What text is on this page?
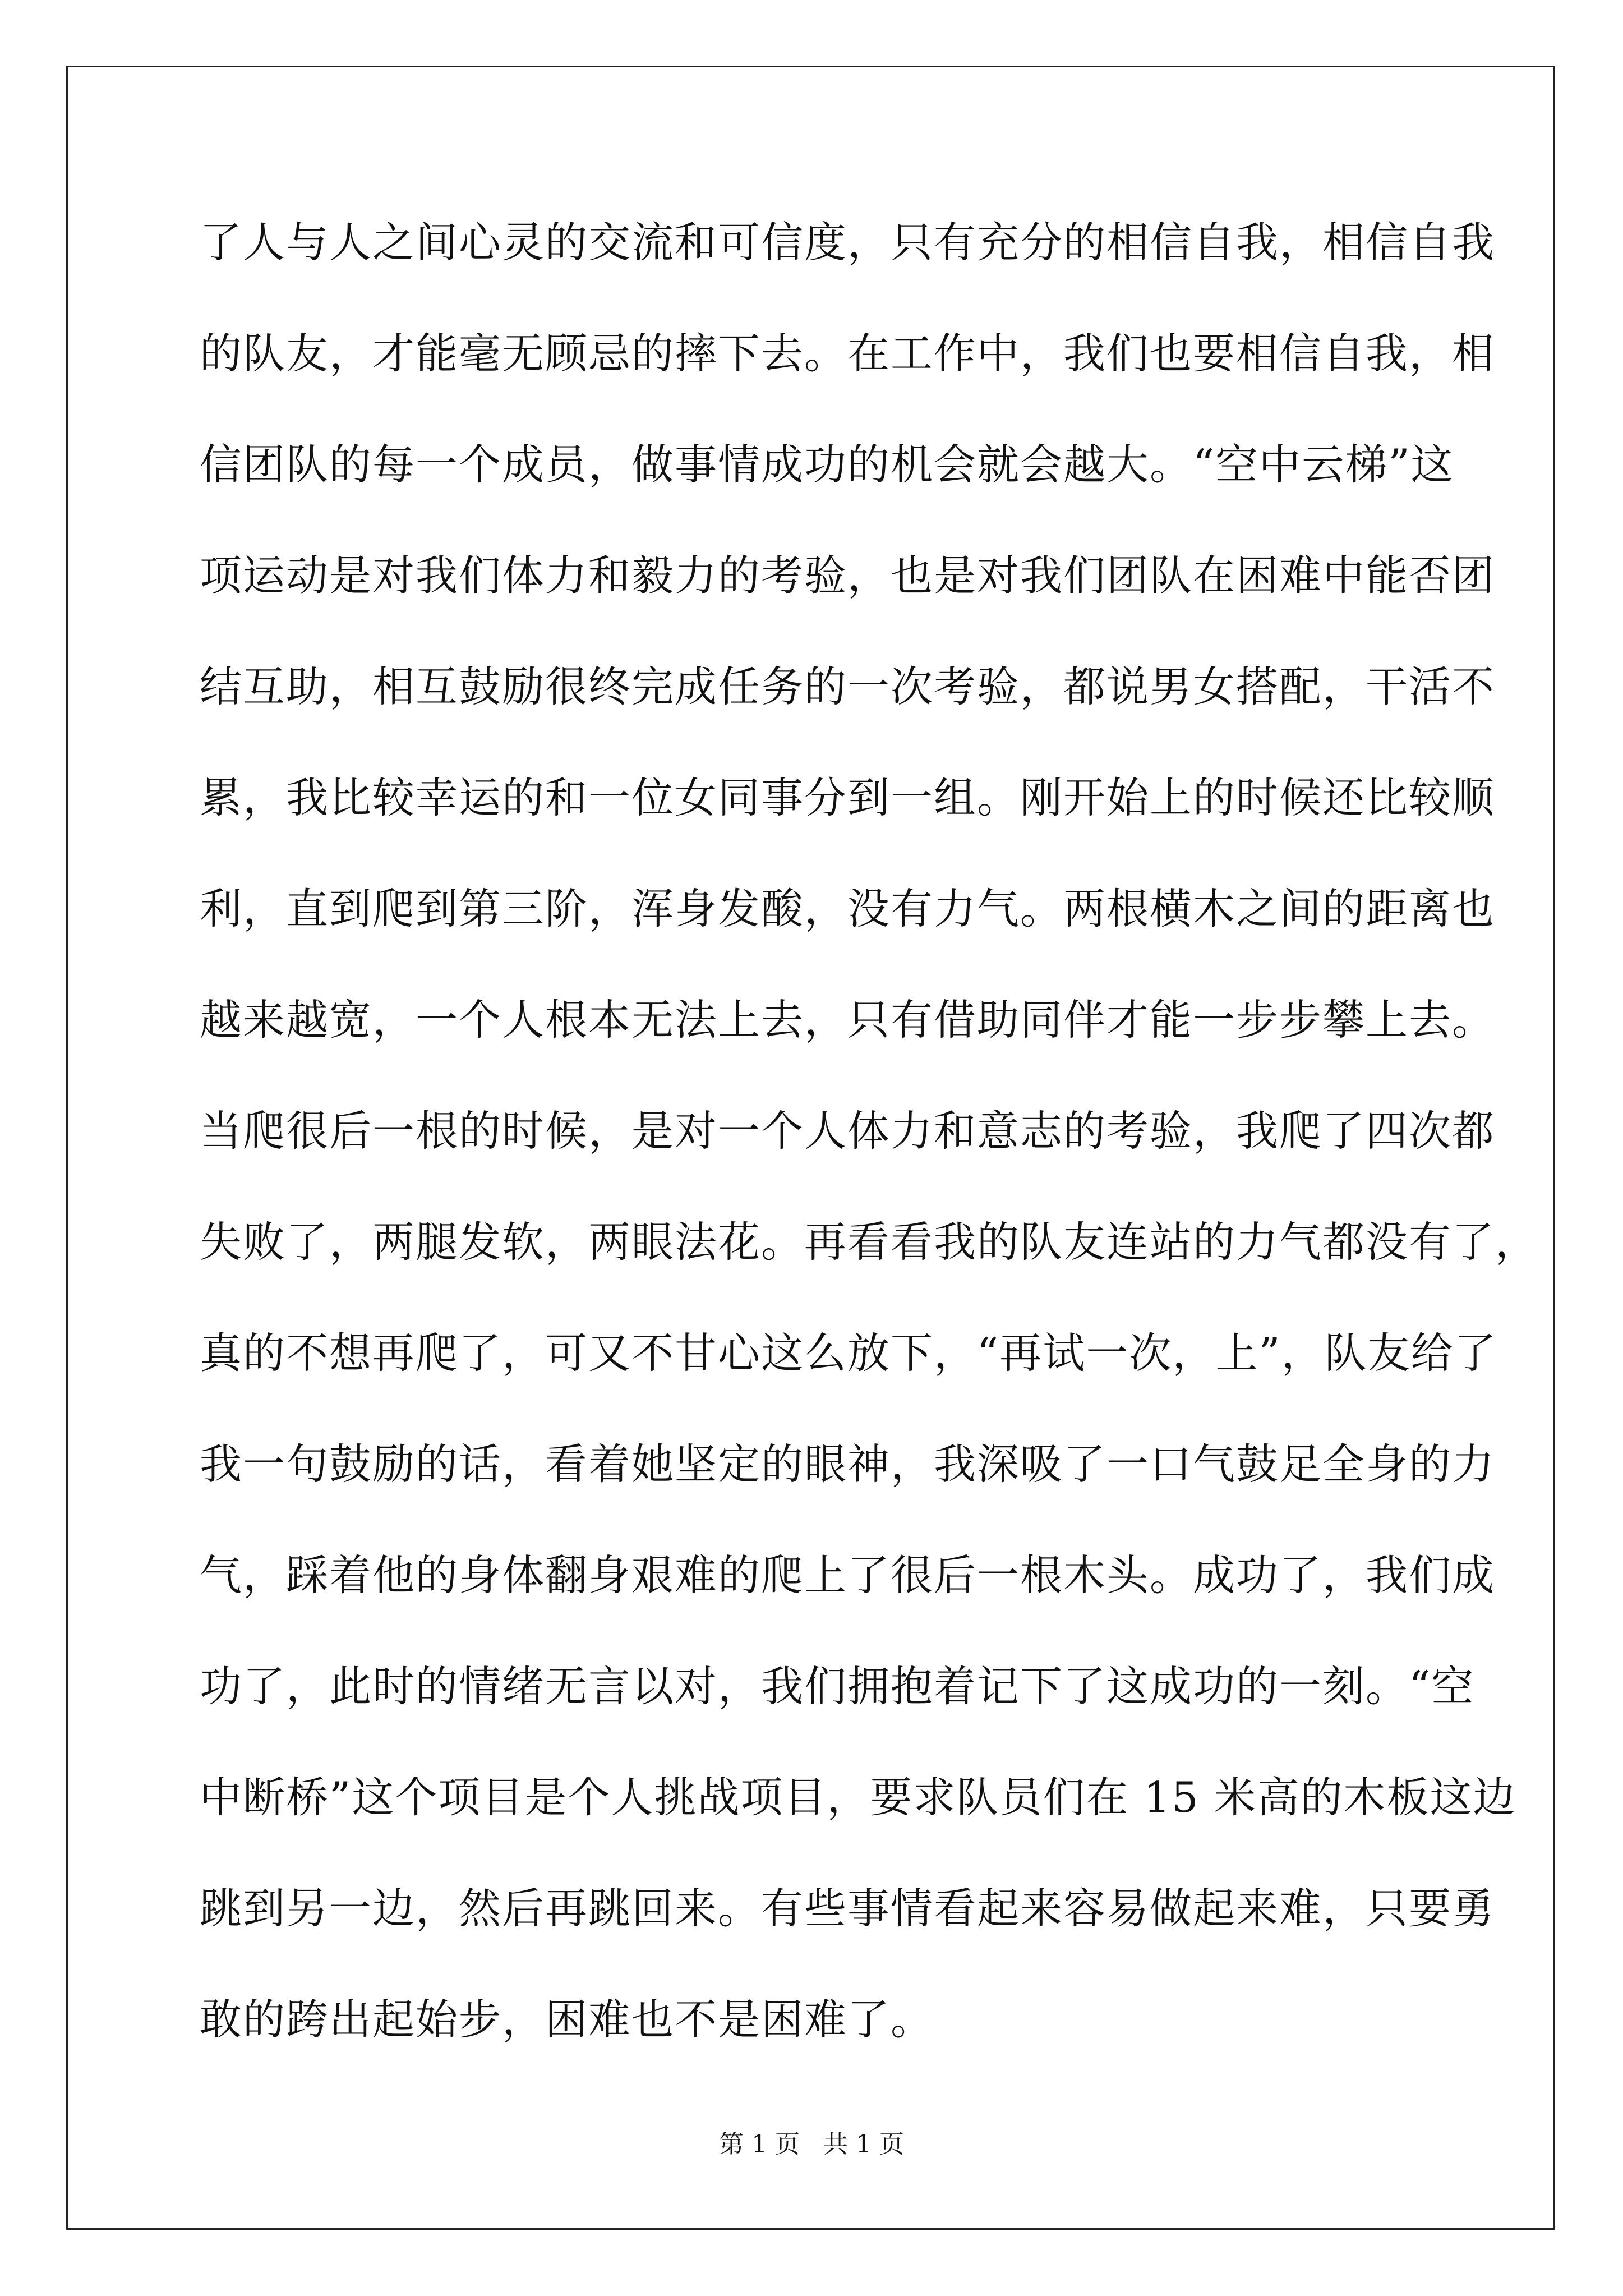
了人与人之间心灵的交流和可信度，只有充分的相信自我，相信自我
的队友，才能毫无顾忌的摔下去。在工作中，我们也要相信自我，相
信团队的每一个成员，做事情成功的机会就会越大。“空中云梯”这
项运动是对我们体力和毅力的考验，也是对我们团队在困难中能否团
结互助，相互鼓励很终完成任务的一次考验，都说男女搭配，干活不
累，我比较幸运的和一位女同事分到一组。刚开始上的时候还比较顺
利，直到爬到第三阶，浑身发酸，没有力气。两根横木之间的距离也
越来越宽，一个人根本无法上去，只有借助同伴才能一步步攀上去。
当爬很后一根的时候，是对一个人体力和意志的考验，我爬了四次都
失败了，两腿发软，两眼法花。再看看我的队友连站的力气都没有了，
真的不想再爬了，可又不甘心这么放下，“再试一次，上”，队友给了
我一句鼓励的话，看着她坚定的眼神，我深吸了一口气鼓足全身的力
气，踩着他的身体翻身艰难的爬上了很后一根木头。成功了，我们成
功了，此时的情绪无言以对，我们拥抱着记下了这成功的一刻。“空
中断桥”这个项目是个人挑战项目，要求队员们在 15 米高的木板这边
跳到另一边，然后再跳回来。有些事情看起来容易做起来难，只要勇
敢的跨出起始步，困难也不是困难了。
第 1 页   共 1 页
